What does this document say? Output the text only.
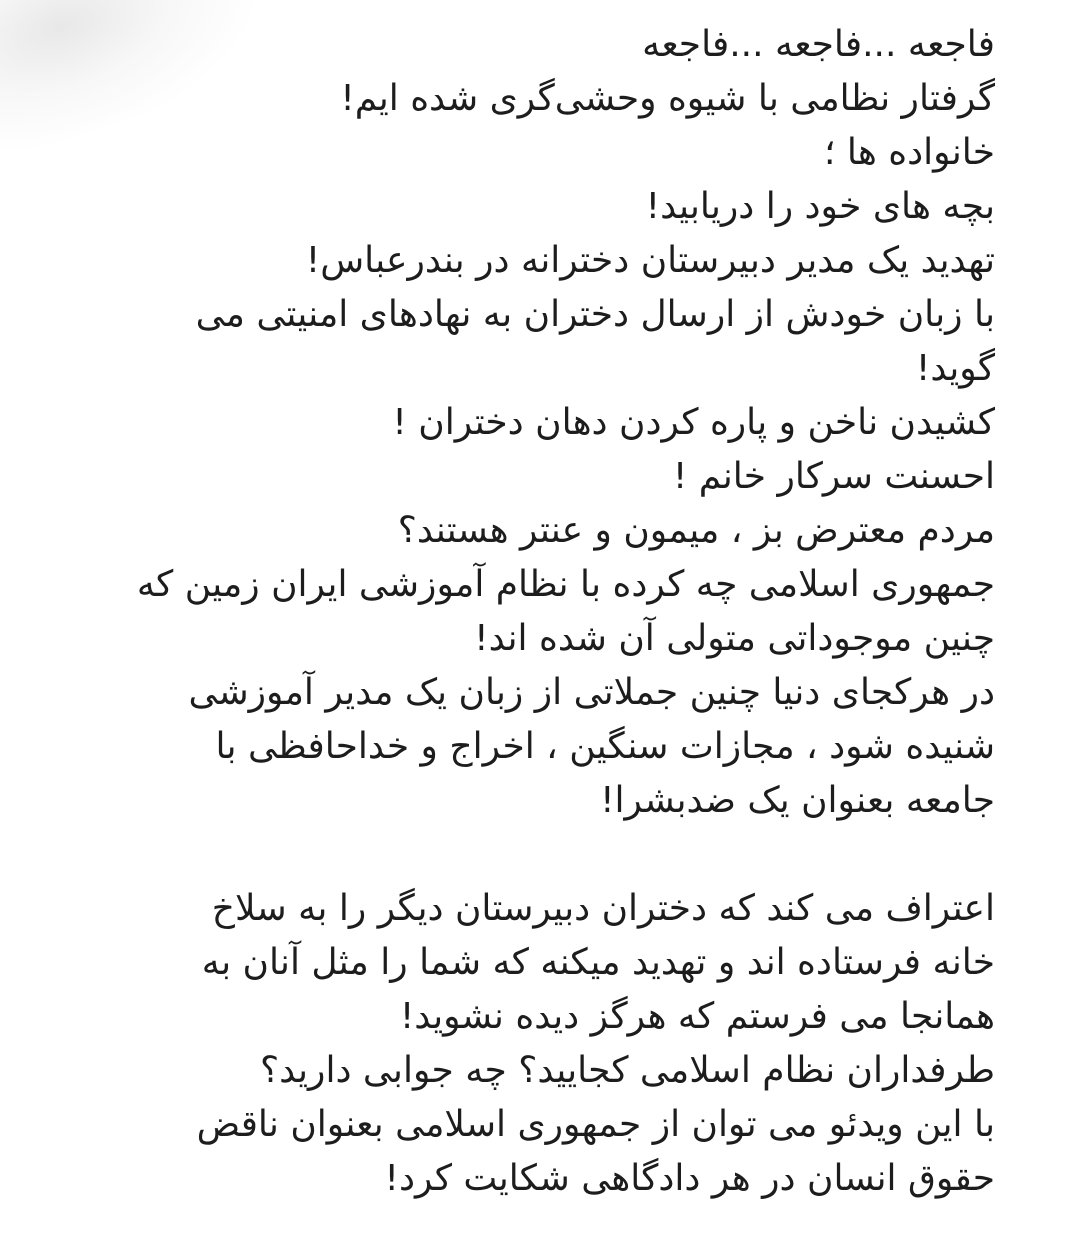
فاجعه ...فاجعه ...فاجعه
گرفتار نظامی با شیوه وحشی‌گری شده ایم!
خانواده ها ؛
بچه های خود را دریابید!
تهدید یک مدیر دبیرستان دخترانه در بندرعباس!
با زبان خودش از ارسال دختران به نهادهای امنیتی می
گوید!
کشیدن ناخن و پاره کردن دهان دختران !
احسنت سرکار خانم !
مردم معترض بز ، میمون و عنتر هستند؟
جمهوری اسلامی چه کرده با نظام آموزشی ایران زمین که
چنین موجوداتی متولی آن شده اند!
در هرکجای دنیا چنین جملاتی از زبان یک مدیر آموزشی
شنیده شود ، مجازات سنگین ، اخراج و خداحافظی با
جامعه بعنوان یک ضدبشرا!
اعتراف می کند که دختران دبیرستان دیگر را به سلاخ
خانه فرستاده اند و تهدید میکنه که شما را مثل آنان به
همانجا می فرستم که هرگز دیده نشوید!
طرفداران نظام اسلامی کجایید؟ چه جوابی دارید؟
با این ویدئو می توان از جمهوری اسلامی بعنوان ناقض
حقوق انسان در هر دادگاهی شکایت کرد!
